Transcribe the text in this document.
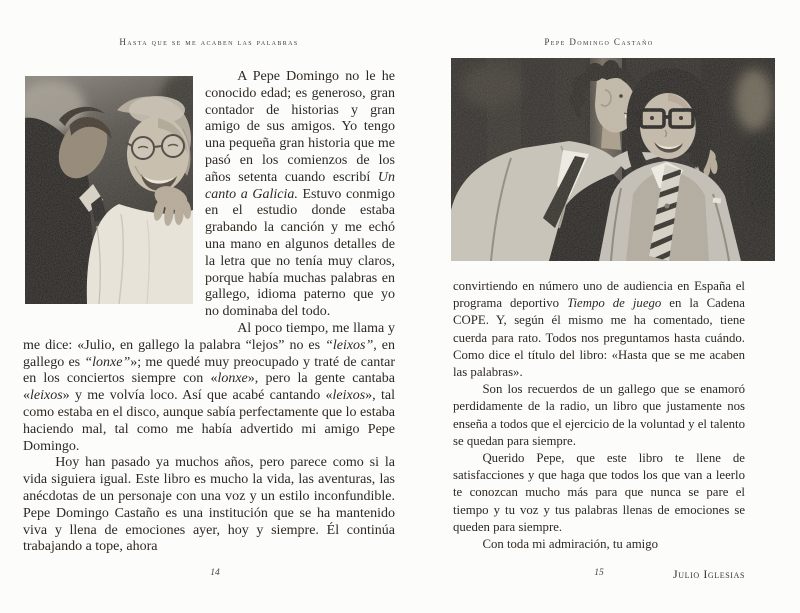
Hasta que se me acaben las palabras

A Pepe Domingo no le he conocido edad; es generoso, gran contador de historias y gran amigo de sus amigos. Yo tengo una pequeña gran historia que me pasó en los comienzos de los años setenta cuando escribí Un canto a Galicia. Estuvo conmigo en el estudio donde estaba grabando la canción y me echó una mano en algunos detalles de la letra que no tenía muy claros, porque había muchas palabras en gallego, idioma paterno que yo no dominaba del todo.

Al poco tiempo, me llama y me dice: «Julio, en gallego la palabra “lejos” no es “leixos”, en gallego es “lonxe”»; me quedé muy preocupado y traté de cantar en los conciertos siempre con «lonxe», pero la gente cantaba «leixos» y me volvía loco. Así que acabé cantando «leixos», tal como estaba en el disco, aunque sabía perfectamente que lo estaba haciendo mal, tal como me había advertido mi amigo Pepe Domingo.

Hoy han pasado ya muchos años, pero parece como si la vida siguiera igual. Este libro es mucho la vida, las aventuras, las anécdotas de un personaje con una voz y un estilo inconfundible. Pepe Domingo Castaño es una institución que se ha mantenido viva y llena de emociones ayer, hoy y siempre. Él continúa trabajando a tope, ahora

14
Pepe Domingo Castaño

convirtiendo en número uno de audiencia en España el programa deportivo Tiempo de juego en la Cadena COPE. Y, según él mismo me ha comentado, tiene cuerda para rato. Todos nos preguntamos hasta cuándo. Como dice el título del libro: «Hasta que se me acaben las palabras».

Son los recuerdos de un gallego que se enamoró perdidamente de la radio, un libro que justamente nos enseña a todos que el ejercicio de la voluntad y el talento se quedan para siempre.

Querido Pepe, que este libro te llene de satisfacciones y que haga que todos los que van a leerlo te conozcan mucho más para que nunca se pare el tiempo y tu voz y tus palabras llenas de emociones se queden para siempre.

Con toda mi admiración, tu amigo

Julio Iglesias
15
